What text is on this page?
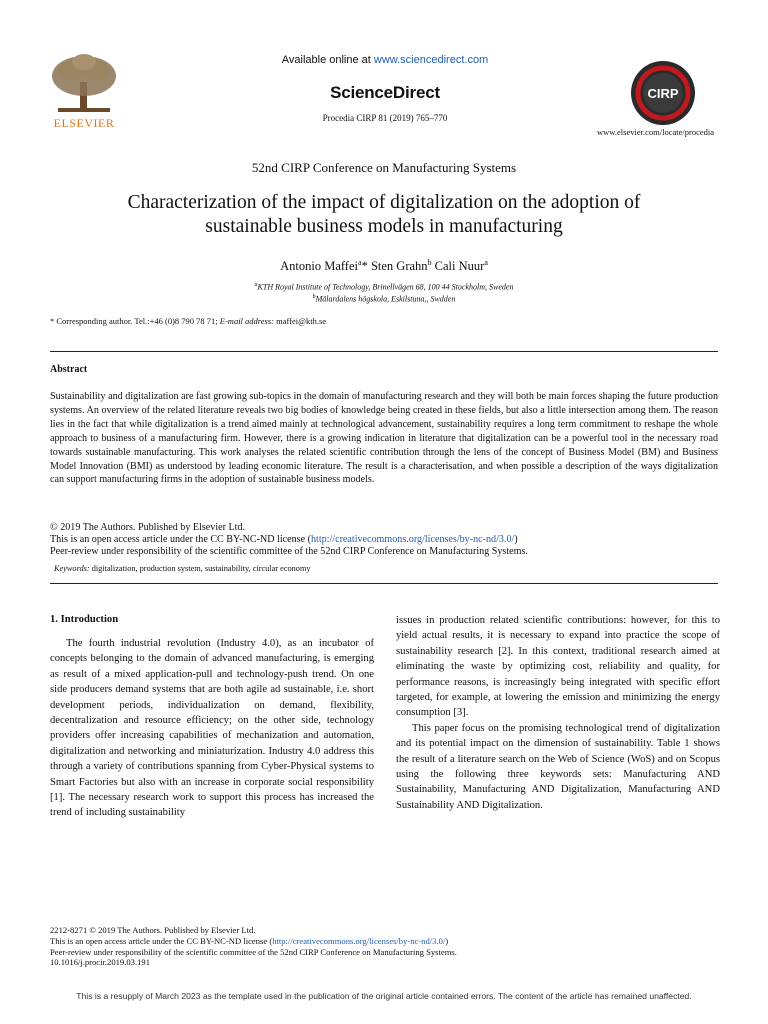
ELSEVIER
Available online at www.sciencedirect.com
ScienceDirect
Procedia CIRP 81 (2019) 765–770
CIRP
www.elsevier.com/locate/procedia
52nd CIRP Conference on Manufacturing Systems
Characterization of the impact of digitalization on the adoption of
sustainable business models in manufacturing
Antonio Maffei$^a$* Sten Grahn$^b$ Cali Nuur$^a$
$^a$KTH Royal Institute of Technology, Brinellvägen 68, 100 44 Stockholm, Sweden
$^b$Mälardalens högskola, Eskilstuna,, Swdden
* Corresponding author. Tel.:+46 (0)8 790 78 71; E-mail address: maffei@kth.se
Abstract
Sustainability and digitalization are fast growing sub-topics in the domain of manufacturing research and they will both be main forces shaping the future production systems. An overview of the related literature reveals two big bodies of knowledge being created in these fields, but also a little intersection among them. The reason lies in the fact that while digitalization is a trend aimed mainly at technological advancement, sustainability requires a long term commitment to reshape the whole approach to business of a manufacturing firm. However, there is a growing indication in literature that digitalization can be a powerful tool in the necessary road towards sustainable manufacturing. This work analyses the related scientific contribution through the lens of the concept of Business Model (BM) and Business Model Innovation (BMI) as understood by leading economic literature. The result is a characterisation, and when possible a description of the ways digitalization can support manufacturing firms in the adoption of sustainable business models.
© 2019 The Authors. Published by Elsevier Ltd.
This is an open access article under the CC BY-NC-ND license (http://creativecommons.org/licenses/by-nc-nd/3.0/)
Peer-review under responsibility of the scientific committee of the 52nd CIRP Conference on Manufacturing Systems.
Keywords: digitalization, production system, sustainability, circular economy
1. Introduction

The fourth industrial revolution (Industry 4.0), as an incubator of concepts belonging to the domain of advanced manufacturing, is emerging as result of a mixed application-pull and technology-push trend. On one side producers demand systems that are both agile ad sustainable, i.e. short development periods, individualization on demand, flexibility, decentralization and resource efficiency; on the other side, technology providers offer increasing capabilities of mechanization and automation, digitalization and networking and miniaturization. Industry 4.0 address this through a variety of contributions spanning from Cyber-Physical systems to Smart Factories but also with an increase in corporate social responsibility [1]. The necessary research work to support this process has increased the trend of including sustainability

issues in production related scientific contributions: however, for this to yield actual results, it is necessary to expand into practice the scope of sustainability research [2]. In this context, traditional research aimed at eliminating the waste by optimizing cost, reliability and quality, for performance reasons, is increasingly being integrated with specific effort targeted, for example, at lowering the emission and minimizing the energy consumption [3].

This paper focus on the promising technological trend of digitalization and its potential impact on the dimension of sustainability. Table 1 shows the result of a literature search on the Web of Science (WoS) and on Scopus using the following three keywords sets: Manufacturing AND Sustainability, Manufacturing AND Digitalization, Manufacturing AND Sustainability AND Digitalization.

2212-8271 © 2019 The Authors. Published by Elsevier Ltd.
This is an open access article under the CC BY-NC-ND license (http://creativecommons.org/licenses/by-nc-nd/3.0/)
Peer-review under responsibility of the scientific committee of the 52nd CIRP Conference on Manufacturing Systems.
10.1016/j.procir.2019.03.191
This is a resupply of March 2023 as the template used in the publication of the original article contained errors. The content of the article has remained unaffected.
